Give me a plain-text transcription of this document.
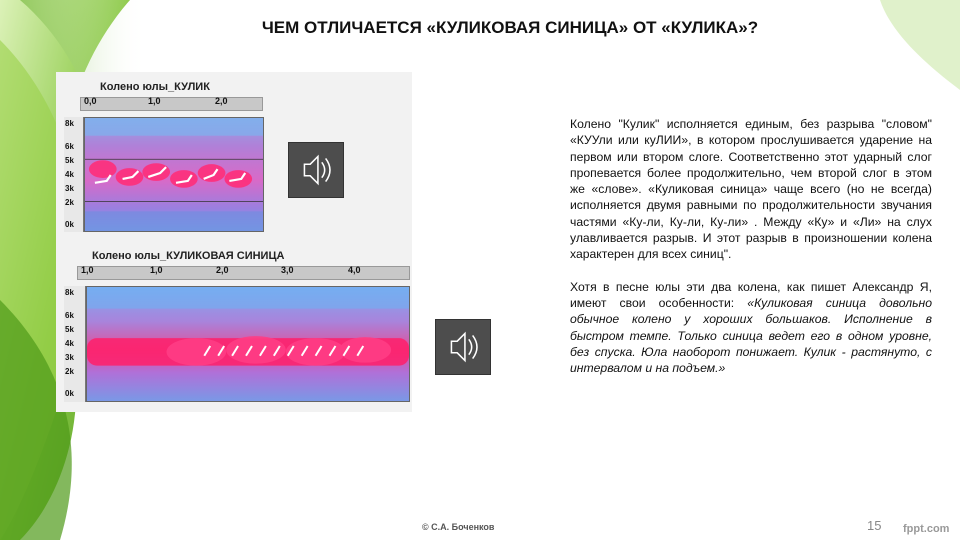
ЧЕМ ОТЛИЧАЕТСЯ «КУЛИКОВАЯ СИНИЦА» ОТ «КУЛИКА»?
Колено юлы_КУЛИК
0,0	1,0	2,0
8k
6k
5k
4k
3k
2k
0k
Колено юлы_КУЛИКОВАЯ СИНИЦА
1,0	1,0	2,0	3,0	4,0
8k
6k
5k
4k
3k
2k
0k

Колено "Кулик" исполняется единым, без разрыва "словом" «КУУли или куЛИИ», в котором прослушивается ударение на первом или втором слоге. Соответственно этот ударный слог пропевается более продолжительно, чем второй слог в этом же «слове». «Куликовая синица» чаще всего (но не всегда) исполняется двумя равными по продолжительности звучания частями «Ку-ли, Ку-ли, Ку-ли» . Между «Ку» и «Ли» на слух улавливается разрыв. И этот разрыв в произношении колена характерен для всех синиц".

Хотя в песне юлы эти два колена, как пишет Александр Я, имеют свои особенности: «Куликовая синица довольно обычное колено у хороших большаков. Исполнение в быстром темпе. Только синица ведет его в одном уровне, без спуска. Юла наоборот понижает. Кулик - растянуто, с интервалом и на подъем.»

© С.А. Боченков	15 fppt.com
